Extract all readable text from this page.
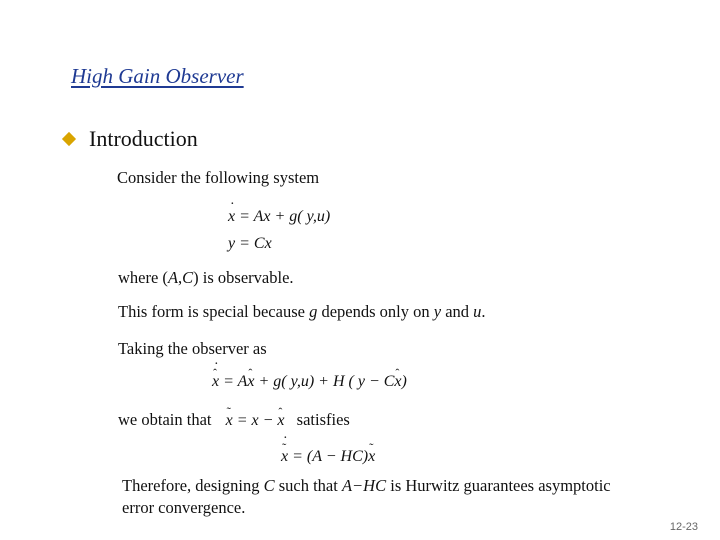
High Gain Observer
Introduction
Consider the following system
x · = Ax + g( y,u)
y = Cx
where (A,C) is observable.
This form is special because g depends only on y and u.
Taking the observer as
· x ˆ = Ax ˆ + g( y,u) + H ( y − Cx ˆ)
we obtain that x ˜ = x − x ˆ satisfies
· x ˜ = (A − HC)x ˜
Therefore, designing C such that A−HC is Hurwitz guarantees asymptotic
error convergence.
12-23
